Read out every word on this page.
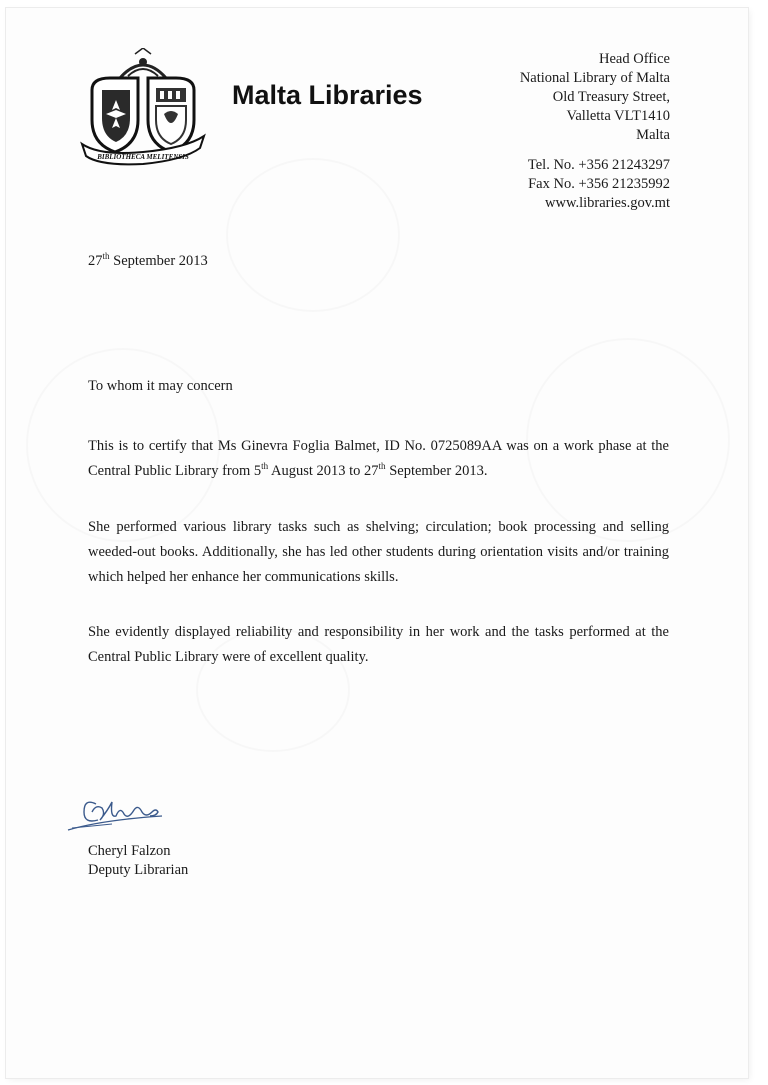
BIBLIOTHECA MELITENSIS
Malta Libraries
Head Office
National Library of Malta
Old Treasury Street,
Valletta VLT1410
Malta
Tel. No. +356 21243297
Fax No. +356 21235992
www.libraries.gov.mt
27th September 2013
To whom it may concern
This is to certify that Ms Ginevra Foglia Balmet, ID No. 0725089AA was on a work phase at the Central Public Library from 5th August 2013 to 27th September 2013.
She performed various library tasks such as shelving; circulation; book processing and selling weeded-out books. Additionally, she has led other students during orientation visits and/or training which helped her enhance her communications skills.
She evidently displayed reliability and responsibility in her work and the tasks performed at the Central Public Library were of excellent quality.
Cheryl Falzon
Deputy Librarian
